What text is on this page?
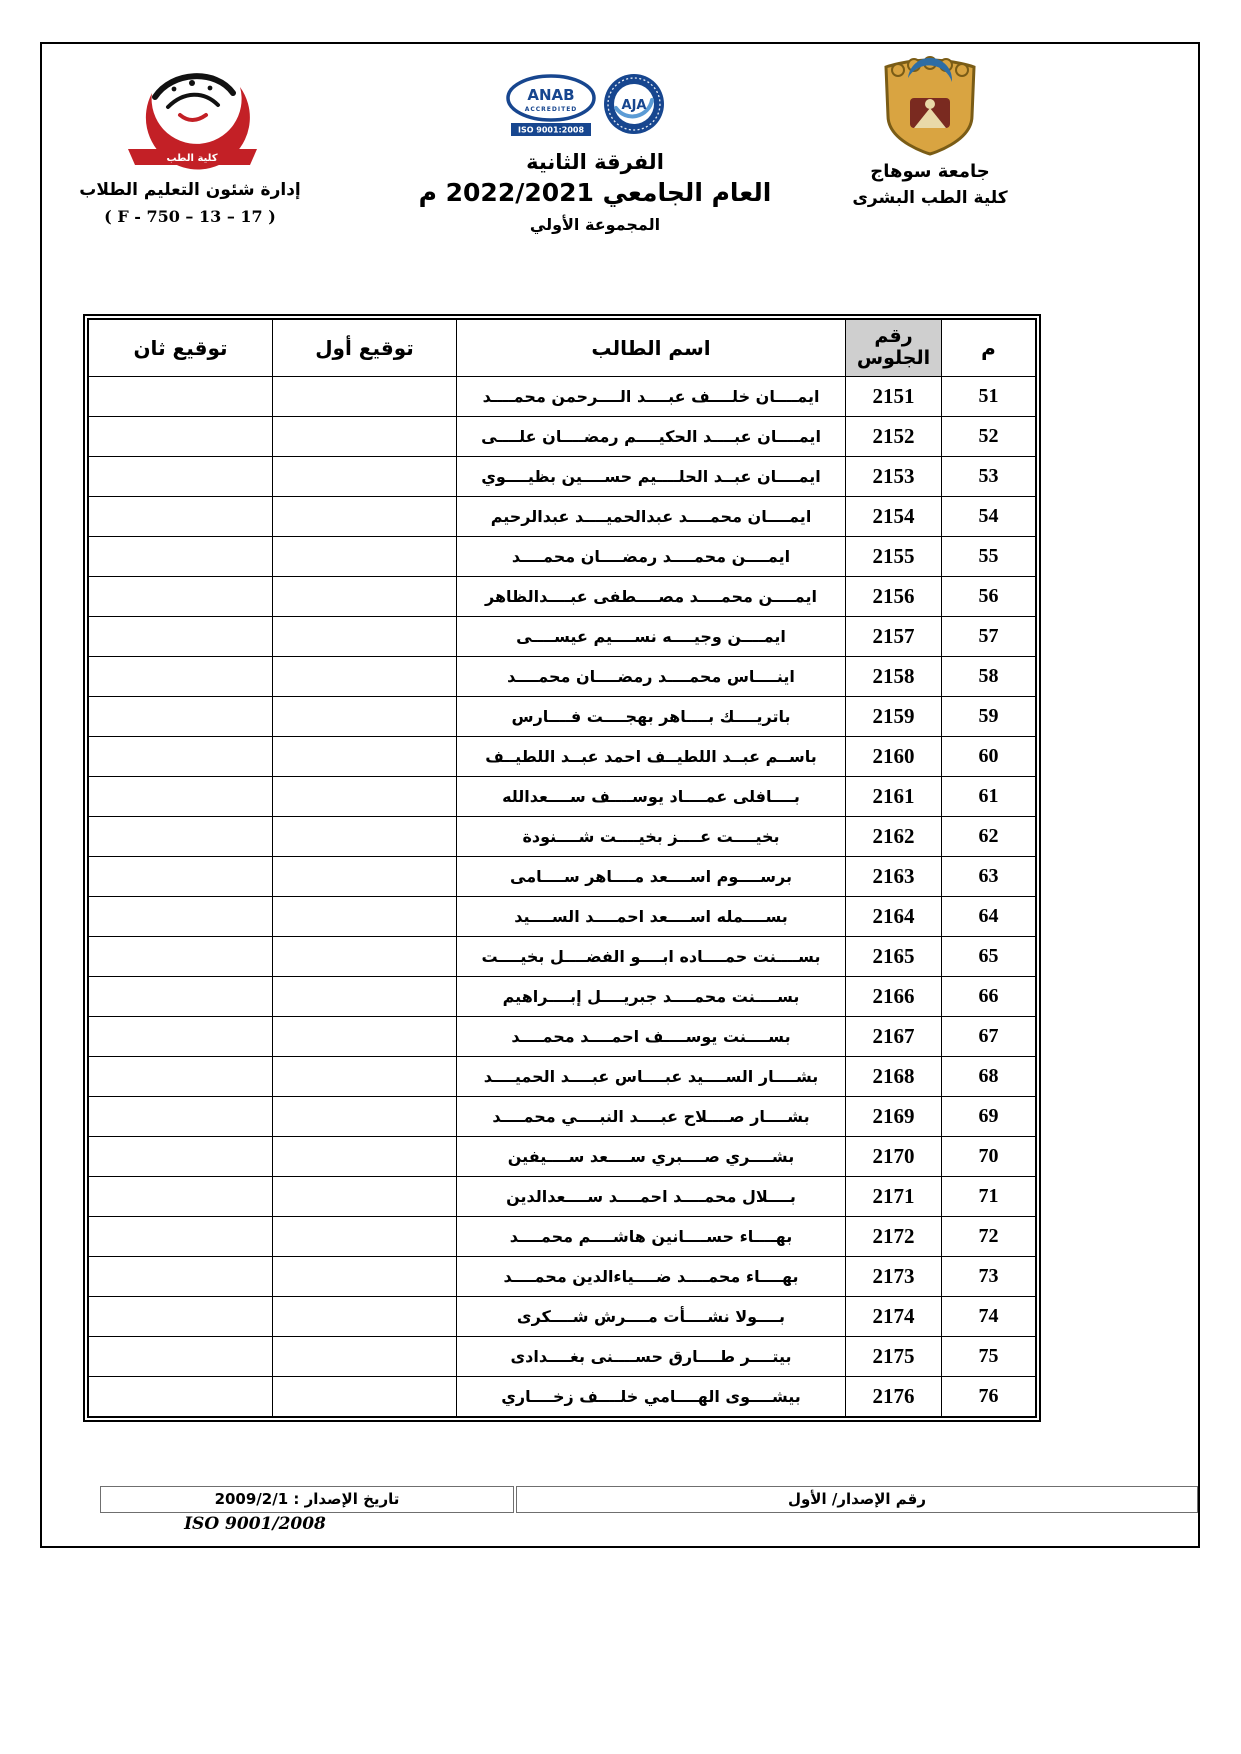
كلية الطب
إدارة شئون التعليم الطلاب
( F - 750 – 13 – 17 )
ANAB
ACCREDITED
ISO 9001:2008
AJA
الفرقة الثانية
العام الجامعي 2022/2021 م
المجموعة الأولي
جامعة سوهاج
كلية الطب البشرى
م	رقم الجلوس	اسم الطالب	توقيع أول	توقيع ثان
51	2151	ايمــــان خلــــف عبــــد الــــرحمن محمــــد		
52	2152	ايمــــان عبــــد الحكيــــم رمضــــان علــــى		
53	2153	ايمــــان عبــد الحلــــيم حســــين بظيــــوي		
54	2154	ايمــــان محمــــد عبدالحميــــد عبدالرحيم		
55	2155	ايمــــن محمــــد رمضــــان محمــــد		
56	2156	ايمــــن محمــــد مصــــطفى عبــــدالظاهر		
57	2157	ايمــــن وجيــــه نســــيم عيســــى		
58	2158	اينــــاس محمــــد رمضــــان محمــــد		
59	2159	باتريــــك بــــاهر بهجــــت فــــارس		
60	2160	باســم عبــد اللطيــف احمد عبــد اللطيــف		
61	2161	بــــافلى عمــــاد يوســــف ســــعدالله		
62	2162	بخيــــت عــــز بخيــــت شــــنودة		
63	2163	برســــوم اســــعد مــــاهر ســــامى		
64	2164	بســــمله اســــعد احمــــد الســــيد		
65	2165	بســــنت حمــــاده ابــــو الفضــــل بخيــــت		
66	2166	بســــنت محمــــد جبريــــل إبــــراهيم		
67	2167	بســــنت يوســــف احمــــد محمــــد		
68	2168	بشــــار الســــيد عبــــاس عبــــد الحميــــد		
69	2169	بشــــار صــــلاح عبــــد النبــــي محمــــد		
70	2170	بشــــري صــــبري ســــعد ســــيفين		
71	2171	بــــلال محمــــد احمــــد ســــعدالدين		
72	2172	بهــــاء حســــانين هاشــــم محمــــد		
73	2173	بهــــاء محمــــد ضــــياءالدين محمــــد		
74	2174	بــــولا نشــــأت مــــرش شــــكرى		
75	2175	بيتــــر طــــارق حســــنى بغــــدادى		
76	2176	بيشــــوى الهــــامي خلــــف زخــــاري		
رقم الإصدار/ الأول
تاريخ الإصدار : 2009/2/1
ISO 9001/2008
